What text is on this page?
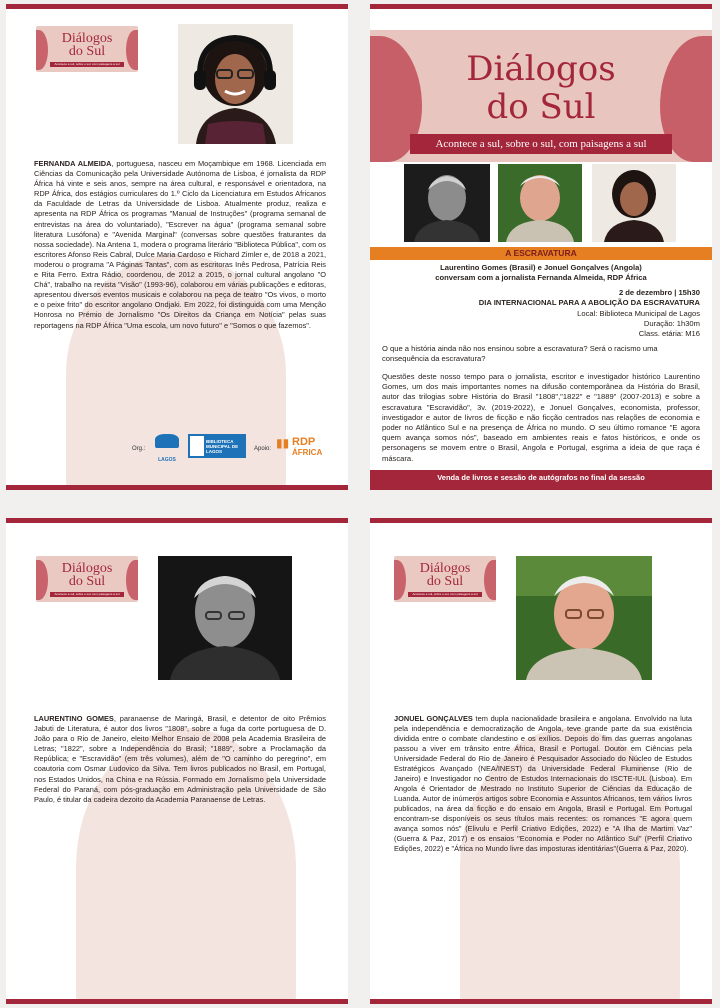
Diálogos
do Sul
Acontece a sul, sobre o sul, com paisagens a sul

FERNANDA ALMEIDA, portuguesa, nasceu em Moçambique em 1968. Licenciada em Ciências da Comunicação pela Universidade Autónoma de Lisboa, é jornalista da RDP África há vinte e seis anos, sempre na área cultural, e responsável e orientadora, na RDP África, dos estágios curriculares do 1.º Ciclo da Licenciatura em Estudos Africanos da Faculdade de Letras da Universidade de Lisboa. Atualmente produz, realiza e apresenta na RDP África os programas "Manual de Instruções" (programa semanal de entrevistas na área do voluntariado), "Escrever na água" (programa semanal sobre literatura Lusófona) e "Avenida Marginal" (conversas sobre questões fraturantes da nossa sociedade). Na Antena 1, modera o programa literário "Biblioteca Pública", com os escritores Afonso Reis Cabral, Dulce Maria Cardoso e Richard Zimler e, de 2018 a 2021, moderou o programa "A Páginas Tantas", com as escritoras Inês Pedrosa, Patrícia Reis e Rita Ferro. Extra Rádio, coordenou, de 2012 a 2015, o jornal cultural angolano "O Chá", trabalho na revista "Visão" (1993-96), colaborou em várias publicações e editoras, apresentou diversos eventos musicais e colaborou na peça de teatro "Os vivos, o morto e o peixe frito" do escritor angolano Ondjaki. Em 2022, foi distinguida com uma Menção Honrosa no Prémio de Jornalismo "Os Direitos da Criança em Notícia" pelas suas reportagens na RDP África "Uma escola, um novo futuro" e "Somos o que fazemos".

Org.:
LAGOS
BIBLIOTECA MUNICIPAL DE LAGOS	Apoio: ▮▮ RDP
ÁFRICA
Diálogos
do Sul
Acontece a sul, sobre o sul, com paisagens a sul
A ESCRAVATURA

Laurentino Gomes (Brasil) e Jonuel Gonçalves (Angola)

conversam com a jornalista Fernanda Almeida, RDP África

2 de dezembro | 15h30

DIA INTERNACIONAL PARA A ABOLIÇÃO DA ESCRAVATURA

Local: Biblioteca Municipal de Lagos

Duração: 1h30m

Class. etária: M16

O que a história ainda não nos ensinou sobre a escravatura? Será o racismo uma consequência da escravatura?

Questões deste nosso tempo para o jornalista, escritor e investigador histórico Laurentino Gomes, um dos mais importantes nomes na difusão contemporânea da História do Brasil, autor das trilogias sobre História do Brasil "1808","1822" e "1889" (2007-2013) e sobre a escravatura "Escravidão", 3v. (2019-2022), e Jonuel Gonçalves, economista, professor, investigador e autor de livros de ficção e não ficção centrados nas relações de economia e poder no Atlântico Sul e na presença de África no mundo. O seu último romance "E agora quem avança somos nós", baseado em ambientes reais e fatos históricos, e onde os personagens se movem entre o Brasil, Angola e Portugal, esgrima a ideia de que raça é máscara.

Venda de livros e sessão de autógrafos no final da sessão
Diálogos
do Sul
Acontece a sul, sobre o sul, com paisagens a sul

LAURENTINO GOMES, paranaense de Maringá, Brasil, e detentor de oito Prêmios Jabuti de Literatura, é autor dos livros "1808", sobre a fuga da corte portuguesa de D. João para o Rio de Janeiro, eleito Melhor Ensaio de 2008 pela Academia Brasileira de Letras; "1822", sobre a Independência do Brasil; "1889", sobre a Proclamação da República; e "Escravidão" (em três volumes), além de "O caminho do peregrino", em coautoria com Osmar Ludovico da Silva. Tem livros publicados no Brasil, em Portugal, nos Estados Unidos, na China e na Rússia. Formado em Jornalismo pela Universidade Federal do Paraná, com pós-graduação em Administração pela Universidade de São Paulo, é titular da cadeira dezoito da Academia Paranaense de Letras.

Diálogos
do Sul
Acontece a sul, sobre o sul, com paisagens a sul

JONUEL GONÇALVES tem dupla nacionalidade brasileira e angolana. Envolvido na luta pela independência e democratização de Angola, teve grande parte da sua existência dividida entre o combate clandestino e os exílios. Depois do fim das guerras angolanas passou a viver em trânsito entre África, Brasil e Portugal. Doutor em Ciências pela Universidade Federal do Rio de Janeiro é Pesquisador Associado do Núcleo de Estudos Estratégicos Avançado (NEA/INEST) da Universidade Federal Fluminense (Rio de Janeiro) e Investigador no Centro de Estudos Internacionais do ISCTE-IUL (Lisboa). Em Angola é Orientador de Mestrado no Instituto Superior de Ciências da Educação de Luanda. Autor de inúmeros artigos sobre Economia e Assuntos Africanos, tem vários livros publicados, na área da ficção e do ensaio em Angola, Brasil e Portugal. Em Portugal encontram-se disponíveis os seus títulos mais recentes: os romances "E agora quem avança somos nós" (Elivulu e Perfil Criativo Edições, 2022) e "A Ilha de Martim Vaz" (Guerra & Paz, 2017) e os ensaios "Economia e Poder no Atlântico Sul" (Perfil Criativo Edições, 2022) e "África no Mundo livre das imposturas identitárias"(Guerra & Paz, 2020).
